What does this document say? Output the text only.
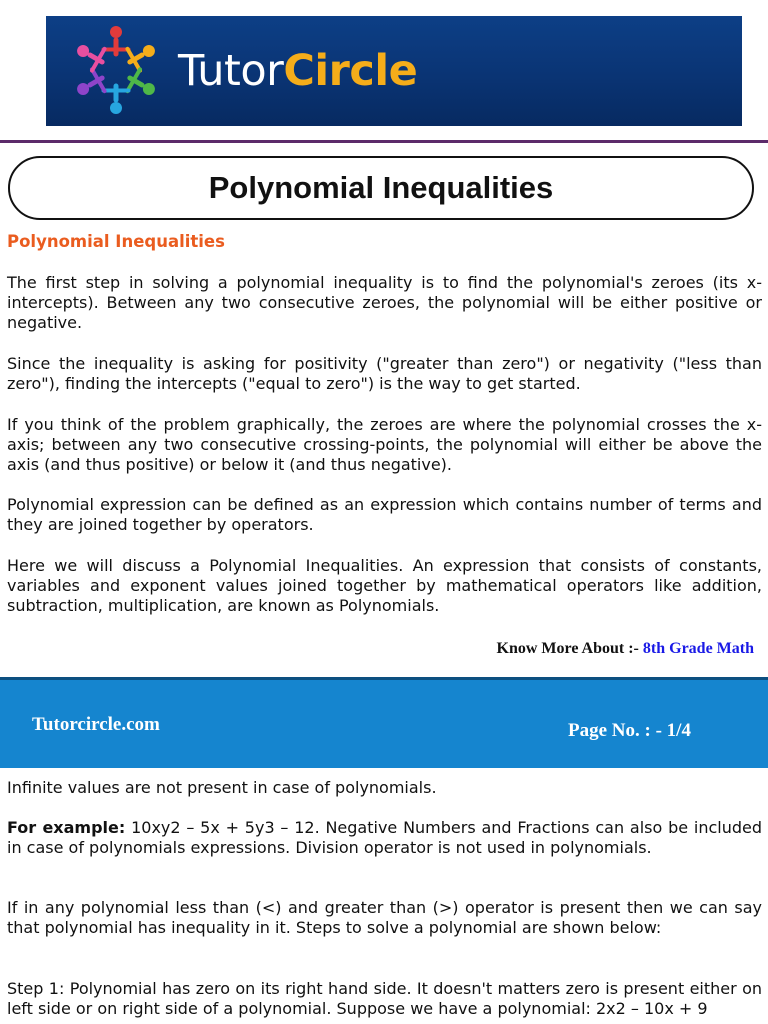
TutorCircle
Polynomial Inequalities
Polynomial Inequalities

The first step in solving a polynomial inequality is to find the polynomial's zeroes (its x-intercepts). Between any two consecutive zeroes, the polynomial will be either positive or negative.

Since the inequality is asking for positivity ("greater than zero") or negativity ("less than zero"), finding the intercepts ("equal to zero") is the way to get started.

If you think of the problem graphically, the zeroes are where the polynomial crosses the x-axis; between any two consecutive crossing-points, the polynomial will either be above the axis (and thus positive) or below it (and thus negative).

Polynomial expression can be defined as an expression which contains number of terms and they are joined together by operators.

Here we will discuss a Polynomial Inequalities. An expression that consists of constants, variables and exponent values joined together by mathematical operators like addition, subtraction, multiplication, are known as Polynomials.

Know More About :- 8th Grade Math
Tutorcircle.com	Page No. : - 1/4

Infinite values are not present in case of polynomials.

For example: 10xy2 – 5x + 5y3 – 12. Negative Numbers and Fractions can also be included in case of polynomials expressions. Division operator is not used in polynomials.

If in any polynomial less than (<) and greater than (>) operator is present then we can say that polynomial has inequality in it. Steps to solve a polynomial are shown below:

Step 1: Polynomial has zero on its right hand side. It doesn't matters zero is present either on left side or on right side of a polynomial. Suppose we have a polynomial: 2x2 – 10x + 9
